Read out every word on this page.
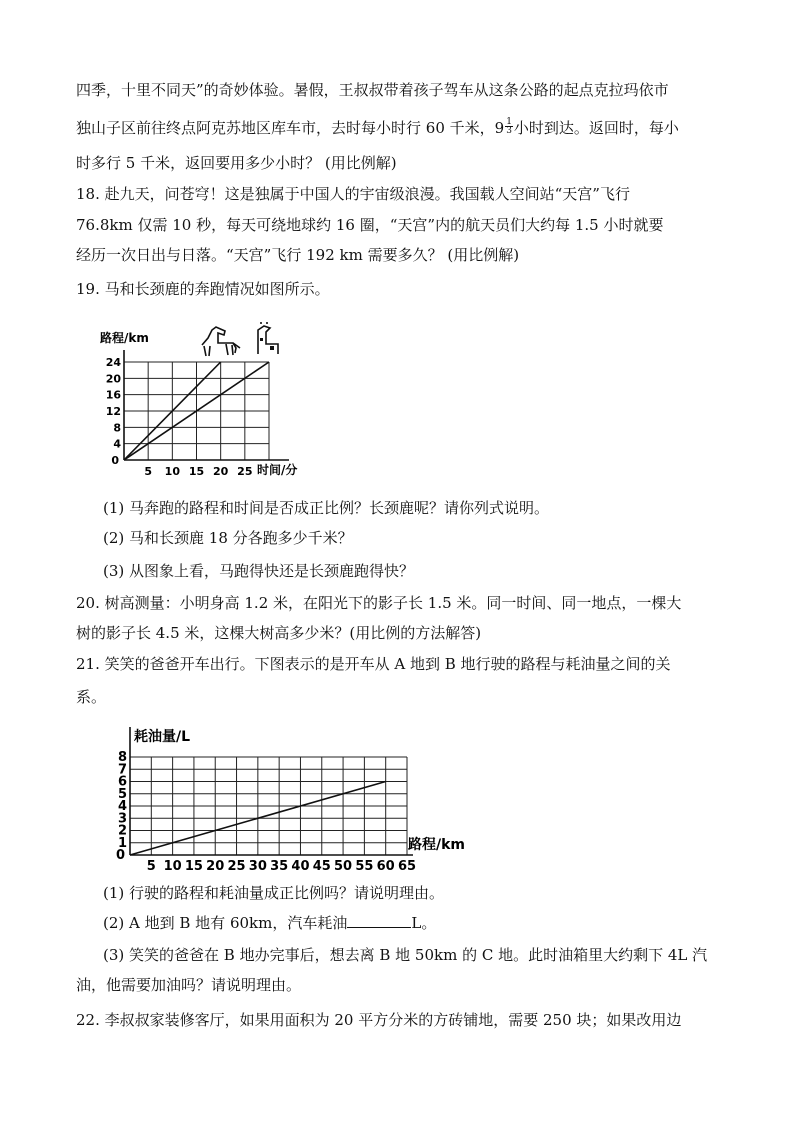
四季，十里不同天”的奇妙体验。暑假，王叔叔带着孩子驾车从这条公路的起点克拉玛依市
独山子区前往终点阿克苏地区库车市，去时每小时行 60 千米，$9 \frac{1}{3}$ 小时到达。返回时，每小
时多行 5 千米，返回要用多少小时？ (用比例解)
18. 赴九天，问苍穹！这是独属于中国人的宇宙级浪漫。我国载人空间站“天宫”飞行
76.8km 仅需 10 秒，每天可绕地球约 16 圈，“天宫”内的航天员们大约每 1.5 小时就要
经历一次日出与日落。“天宫”飞行 192 km 需要多久？ (用比例解)
19. 马和长颈鹿的奔跑情况如图所示。
5 10 15 20 25
4
8
12
16
20
24
0
路程/km
时间/分
(1) 马奔跑的路程和时间是否成正比例？长颈鹿呢？请你列式说明。
(2) 马和长颈鹿 18 分各跑多少千米？
(3) 从图象上看，马跑得快还是长颈鹿跑得快？
20. 树高测量：小明身高 1.2 米，在阳光下的影子长 1.5 米。同一时间、同一地点，一棵大
树的影子长 4.5 米，这棵大树高多少米？(用比例的方法解答)
21. 笑笑的爸爸开车出行。下图表示的是开车从 A 地到 B 地行驶的路程与耗油量之间的关
系。
5 10 15 20 25 30 35 40 45 50 55 60 65
1
2
3
4
5
6
7
8
0
耗油量/L
路程/km
(1) 行驶的路程和耗油量成正比例吗？请说明理由。
(2) A 地到 B 地有 60km，汽车耗油	L。
(3) 笑笑的爸爸在 B 地办完事后，想去离 B 地 50km 的 C 地。此时油箱里大约剩下 4L 汽
油，他需要加油吗？请说明理由。
22. 李叔叔家装修客厅，如果用面积为 20 平方分米的方砖铺地，需要 250 块；如果改用边
